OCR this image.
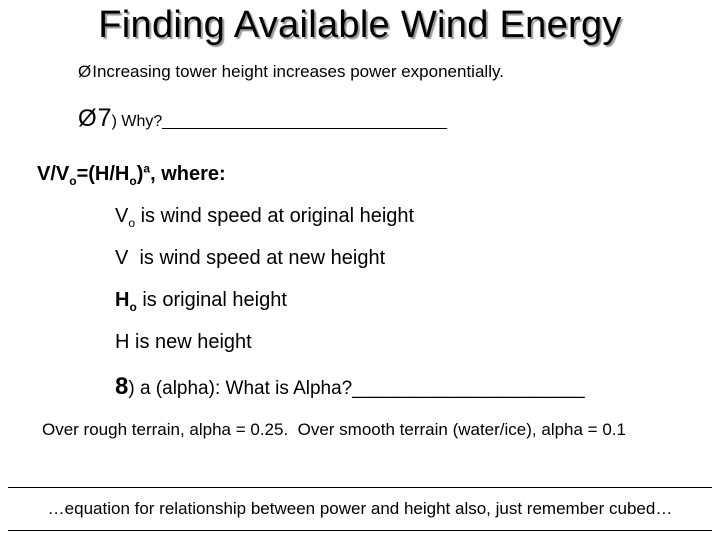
Finding Available Wind Energy
ØIncreasing tower height increases power exponentially.
Ø7) Why?________________________________
$V/V_o=(H/H_o)^a$, where:
$V_o$ is wind speed at original height
V  is wind speed at new height
$H_o$ is original height
H is new height
8) a (alpha): What is Alpha?______________________
Over rough terrain, alpha = 0.25.  Over smooth terrain (water/ice), alpha = 0.1
…equation for relationship between power and height also, just remember cubed…
